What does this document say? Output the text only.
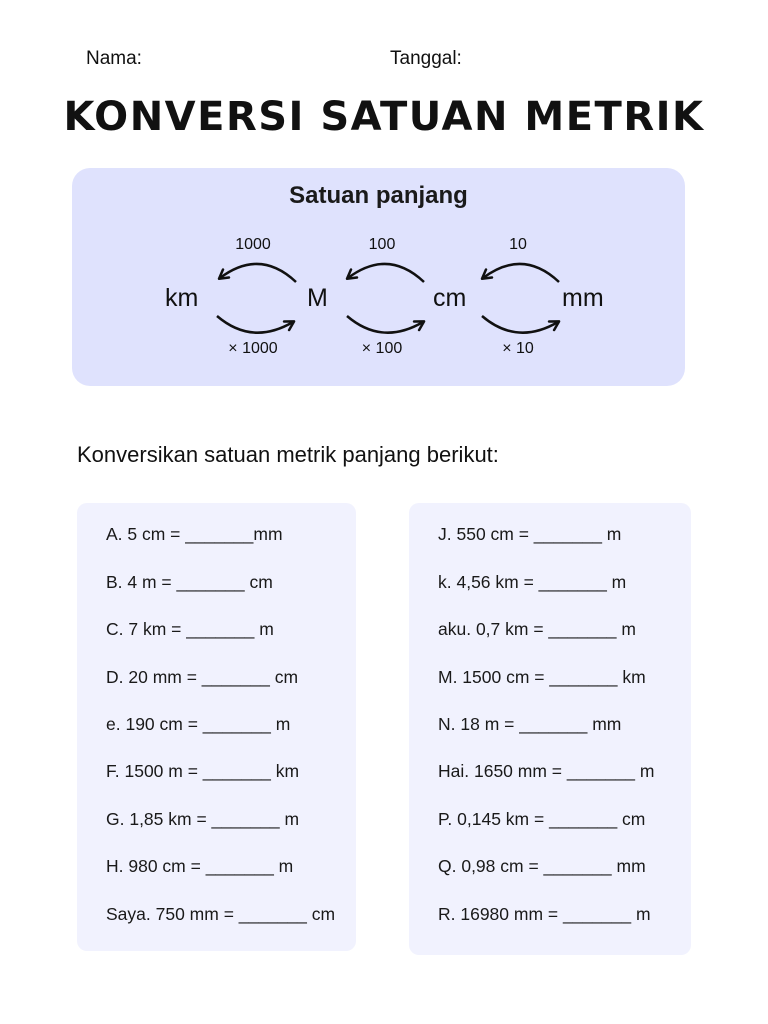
Nama:	Tanggal:
KONVERSI SATUAN METRIK
Satuan panjang
km	M	cm	mm
1000	100	10
× 1000	× 100	× 10
Konversikan satuan metrik panjang berikut:
A. 5 cm = _______mm
B. 4 m = _______ cm
C. 7 km = _______ m
D. 20 mm = _______ cm
e. 190 cm = _______ m
F. 1500 m = _______ km
G. 1,85 km = _______ m
H. 980 cm = _______ m
Saya. 750 mm = _______ cm
J. 550 cm = _______ m
k. 4,56 km = _______ m
aku. 0,7 km = _______ m
M. 1500 cm = _______ km
N. 18 m = _______ mm
Hai. 1650 mm = _______ m
P. 0,145 km = _______ cm
Q. 0,98 cm = _______ mm
R. 16980 mm = _______ m
